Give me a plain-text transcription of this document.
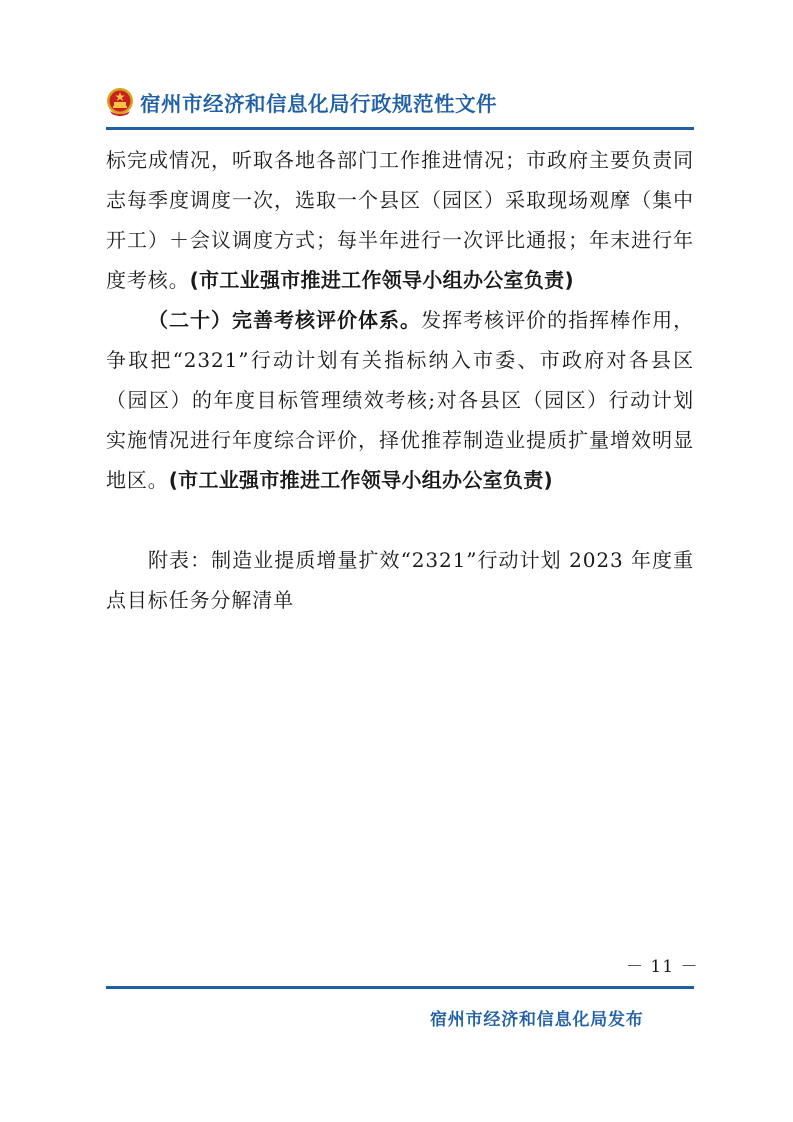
宿州市经济和信息化局行政规范性文件

标完成情况，听取各地各部门工作推进情况；市政府主要负责同志每季度调度一次，选取一个县区（园区）采取现场观摩（集中开工）＋会议调度方式；每半年进行一次评比通报；年末进行年度考核。(市工业强市推进工作领导小组办公室负责)

（二十）完善考核评价体系。发挥考核评价的指挥棒作用，争取把“2321”行动计划有关指标纳入市委、市政府对各县区（园区）的年度目标管理绩效考核;对各县区（园区）行动计划实施情况进行年度综合评价，择优推荐制造业提质扩量增效明显地区。(市工业强市推进工作领导小组办公室负责)

附表：制造业提质增量扩效“2321”行动计划 2023 年度重点目标任务分解清单

－ 11 －
宿州市经济和信息化局发布
